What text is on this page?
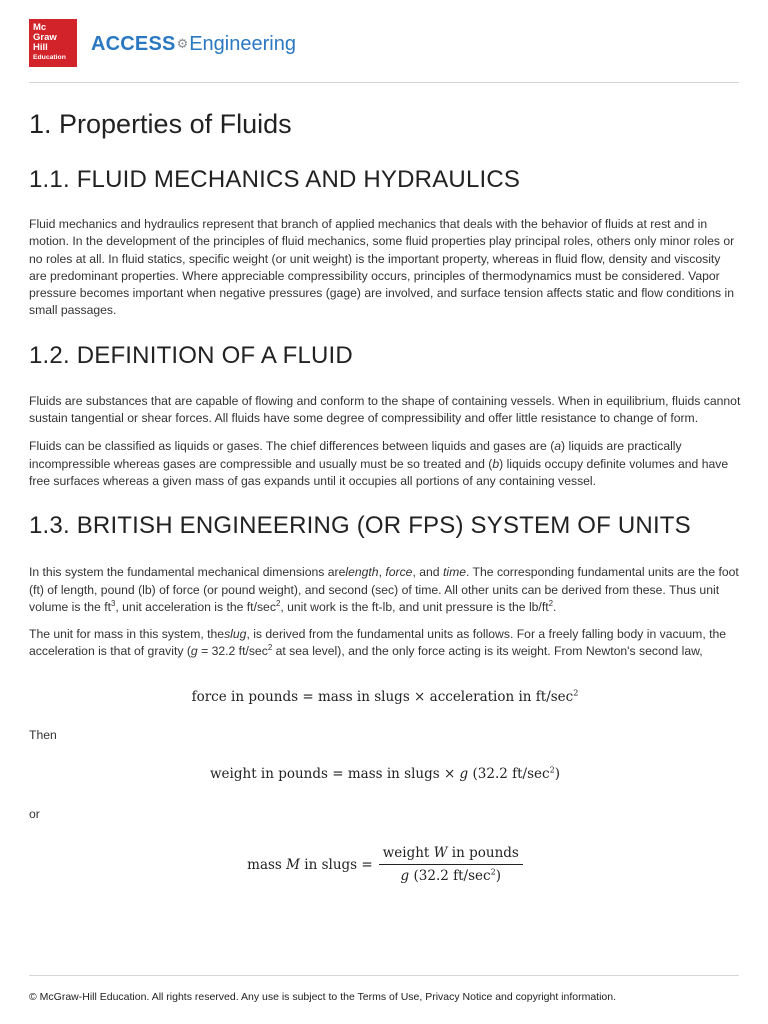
Mc
Graw
Hill
Education
ACCESS ⚙ Engineering
1. Properties of Fluids
1.1. FLUID MECHANICS AND HYDRAULICS

Fluid mechanics and hydraulics represent that branch of applied mechanics that deals with the behavior of fluids at rest and in motion. In the development of the principles of fluid mechanics, some fluid properties play principal roles, others only minor roles or no roles at all. In fluid statics, specific weight (or unit weight) is the important property, whereas in fluid flow, density and viscosity are predominant properties. Where appreciable compressibility occurs, principles of thermodynamics must be considered. Vapor pressure becomes important when negative pressures (gage) are involved, and surface tension affects static and flow conditions in small passages.

1.2. DEFINITION OF A FLUID

Fluids are substances that are capable of flowing and conform to the shape of containing vessels. When in equilibrium, fluids cannot sustain tangential or shear forces. All fluids have some degree of compressibility and offer little resistance to change of form.

Fluids can be classified as liquids or gases. The chief differences between liquids and gases are (a) liquids are practically incompressible whereas gases are compressible and usually must be so treated and (b) liquids occupy definite volumes and have free surfaces whereas a given mass of gas expands until it occupies all portions of any containing vessel.

1.3. BRITISH ENGINEERING (OR FPS) SYSTEM OF UNITS

In this system the fundamental mechanical dimensions arelength, force, and time. The corresponding fundamental units are the foot (ft) of length, pound (lb) of force (or pound weight), and second (sec) of time. All other units can be derived from these. Thus unit volume is the $ft^3$, unit acceleration is the $ft/\sec^2$, unit work is the ft-lb, and unit pressure is the $lb/ft^2$.

The unit for mass in this system, theslug, is derived from the fundamental units as follows. For a freely falling body in vacuum, the acceleration is that of gravity (g = 32.2 $ft/\sec^2$ at sea level), and the only force acting is its weight. From Newton's second law,

force in pounds = mass in slugs × acceleration in $ft/\sec^2$

Then

weight in pounds = mass in slugs × g (32.2 $ft/\sec^2$)

or

mass M in slugs = $\frac{\text{weight W in pounds}}{g (32.2 ft/\sec^2)}$
© McGraw-Hill Education. All rights reserved. Any use is subject to the Terms of Use, Privacy Notice and copyright information.
